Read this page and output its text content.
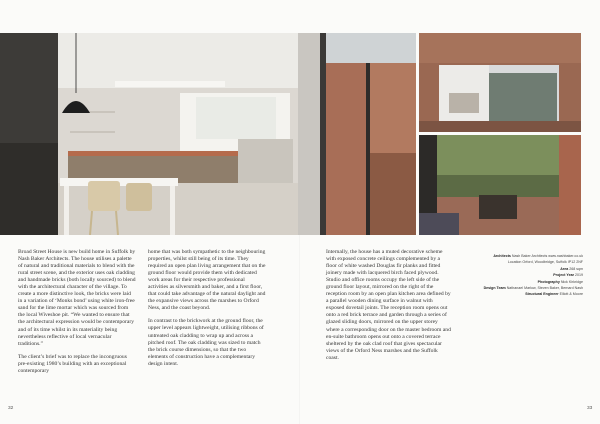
Broad Street House is new build home in Suffolk by Nash Baker Architects. The house utilises a palette of natural and traditional materials to blend with the rural street scene, and the exterior uses oak cladding and handmade bricks (both locally sourced) to blend with the architectural character of the village. To create a more distinctive look, the bricks were laid in a variation of ‘Monks bond’ using white iron-free sand for the lime mortar which was sourced from the local Wiveshoe pit. “We wanted to ensure that the architectural expression would be contemporary and of its time whilst in its materiality being nevertheless reflective of local vernacular traditions.”

The client’s brief was to replace the incongruous pre-existing 1980’s building with an exceptional contemporary

home that was both sympathetic to the neighbouring properties, whilst still being of its time. They required an open plan living arrangement that on the ground floor would provide them with dedicated work areas for their respective professional activities as silversmith and baker, and a first floor, that could take advantage of the natural daylight and the expansive views across the marshes to Orford Ness, and the coast beyond.

In contrast to the brickwork at the ground floor, the upper level appears lightweight, utilising ribbons of untreated oak cladding to wrap up and across a pitched roof. The oak cladding was sized to match the brick course dimensions, so that the two elements of construction have a complementary design intent.

Internally, the house has a muted decorative scheme with exposed concrete ceilings complemented by a floor of white washed Douglas fir planks and fitted joinery made with lacquered birch faced plywood. Studio and office rooms occupy the left side of the ground floor layout, mirrored on the right of the reception room by an open plan kitchen area defined by a parallel wooden dining surface in walnut with exposed dovetail joints. The reception room opens out onto a red brick terrace and garden through a series of glazed sliding doors, mirrored on the upper storey where a corresponding door on the master bedroom and en-suite bathroom opens out onto a covered terrace sheltered by the oak clad roof that gives spectacular views of the Orford Ness marshes and the Suffolk coast.

Architects Nash Baker Architects www.nashbaker.co.uk
Location Orford, Woodbridge, Suffolk IP12 2NF
Area 268 sqm
Project Year 2019
Photography Nick Kirkridge
Design Team Nathanael Marlow, Steven Baker, Bernard Nash
Structural Engineer Elliott & Moore
32	33
